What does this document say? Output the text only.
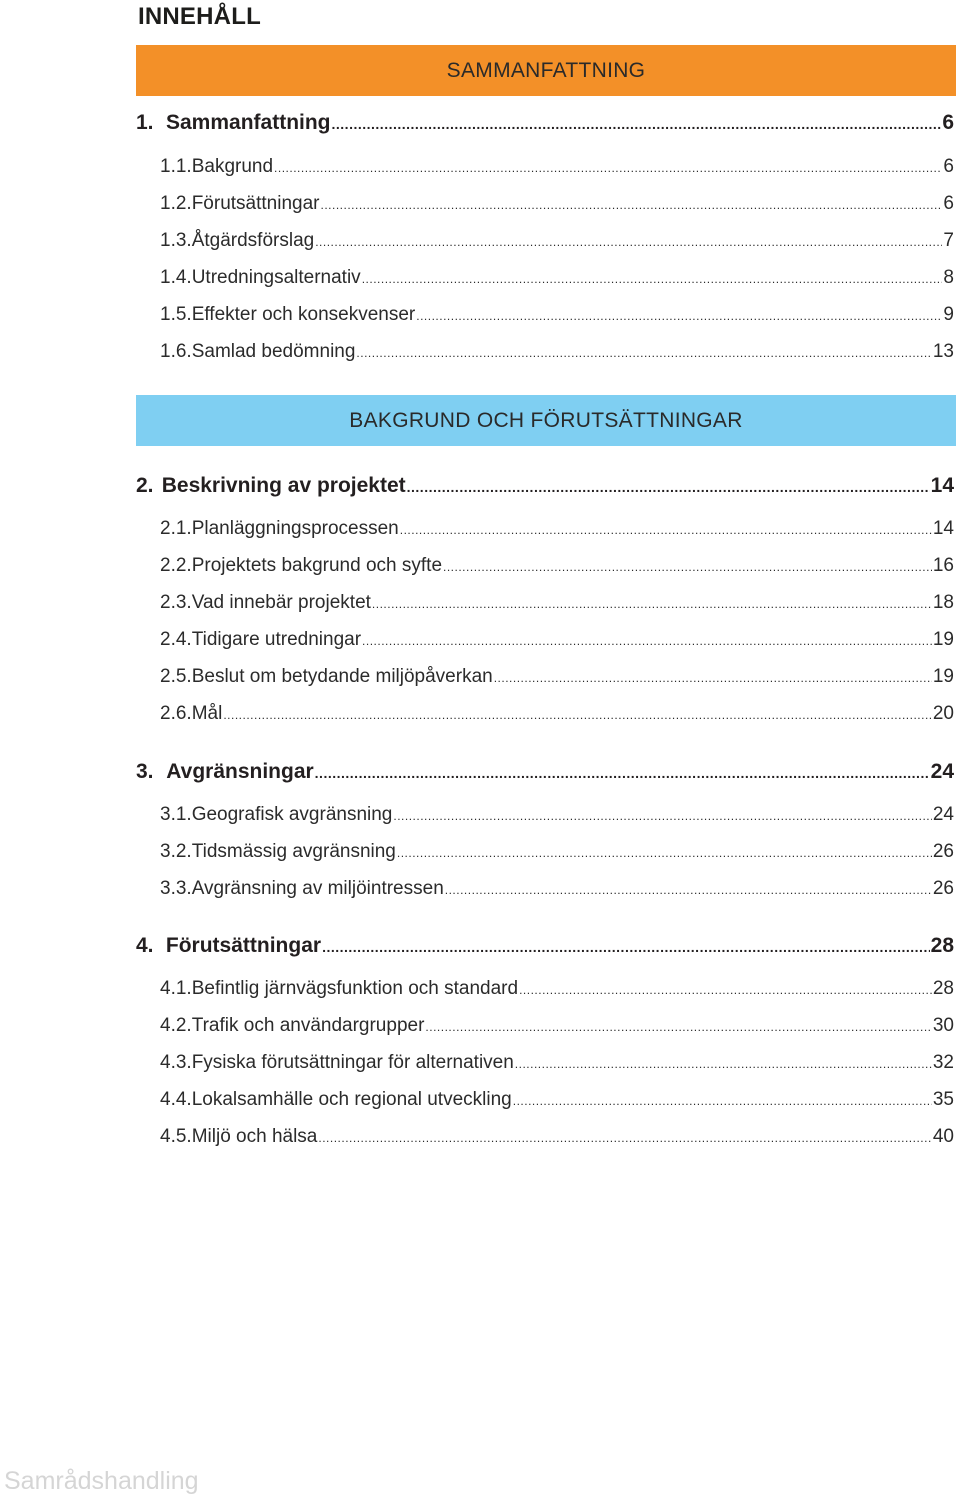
INNEHÅLL
SAMMANFATTNING
1. Sammanfattning .....	6
1.1. Bakgrund .....	6
1.2. Förutsättningar .....	6
1.3. Åtgärdsförslag .....	7
1.4. Utredningsalternativ .....	8
1.5. Effekter och konsekvenser .....	9
1.6. Samlad bedömning .....	13
BAKGRUND OCH FÖRUTSÄTTNINGAR
2. Beskrivning av projektet .....	14
2.1. Planläggningsprocessen .....	14
2.2. Projektets bakgrund och syfte .....	16
2.3. Vad innebär projektet .....	18
2.4. Tidigare utredningar .....	19
2.5. Beslut om betydande miljöpåverkan .....	19
2.6. Mål .....	20
3. Avgränsningar .....	24
3.1. Geografisk avgränsning .....	24
3.2. Tidsmässig avgränsning .....	26
3.3. Avgränsning av miljöintressen .....	26
4. Förutsättningar .....	28
4.1. Befintlig järnvägsfunktion och standard .....	28
4.2. Trafik och användargrupper .....	30
4.3. Fysiska förutsättningar för alternativen .....	32
4.4. Lokalsamhälle och regional utveckling .....	35
4.5. Miljö och hälsa .....	40
Samrådshandling
